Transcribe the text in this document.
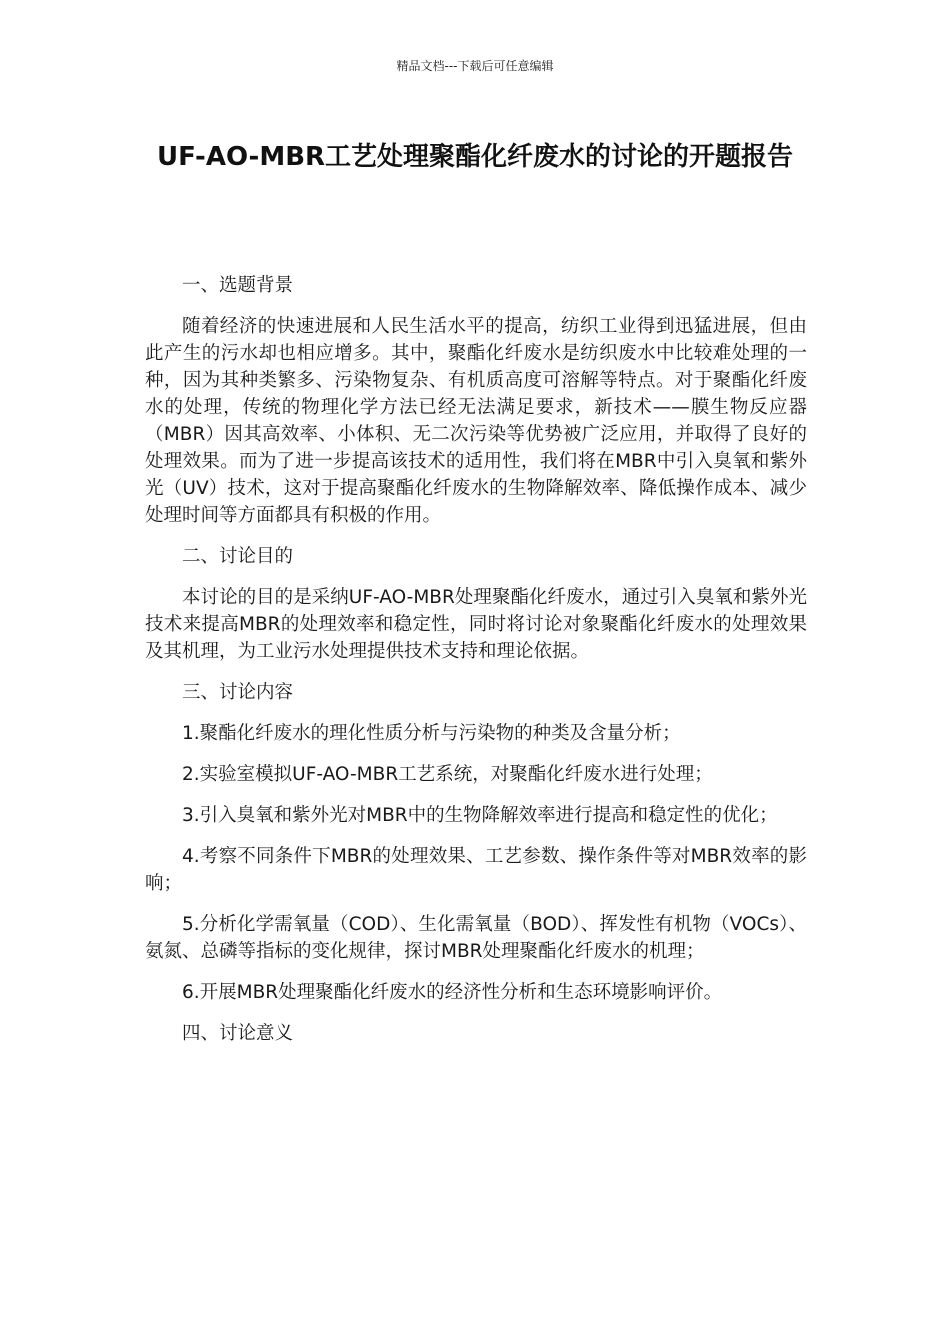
精品文档---下载后可任意编辑
UF-AO-MBR工艺处理聚酯化纤废水的讨论的开题报告

一、选题背景

随着经济的快速进展和人民生活水平的提高，纺织工业得到迅猛进展，但由此产生的污水却也相应增多。其中，聚酯化纤废水是纺织废水中比较难处理的一种，因为其种类繁多、污染物复杂、有机质高度可溶解等特点。对于聚酯化纤废水的处理，传统的物理化学方法已经无法满足要求，新技术——膜生物反应器（MBR）因其高效率、小体积、无二次污染等优势被广泛应用，并取得了良好的处理效果。而为了进一步提高该技术的适用性，我们将在MBR中引入臭氧和紫外光（UV）技术，这对于提高聚酯化纤废水的生物降解效率、降低操作成本、减少处理时间等方面都具有积极的作用。

二、讨论目的

本讨论的目的是采纳UF-AO-MBR处理聚酯化纤废水，通过引入臭氧和紫外光技术来提高MBR的处理效率和稳定性，同时将讨论对象聚酯化纤废水的处理效果及其机理，为工业污水处理提供技术支持和理论依据。

三、讨论内容

1.聚酯化纤废水的理化性质分析与污染物的种类及含量分析；

2.实验室模拟UF-AO-MBR工艺系统，对聚酯化纤废水进行处理；

3.引入臭氧和紫外光对MBR中的生物降解效率进行提高和稳定性的优化；

4.考察不同条件下MBR的处理效果、工艺参数、操作条件等对MBR效率的影响；

5.分析化学需氧量（COD）、生化需氧量（BOD）、挥发性有机物（VOCs）、氨氮、总磷等指标的变化规律，探讨MBR处理聚酯化纤废水的机理；

6.开展MBR处理聚酯化纤废水的经济性分析和生态环境影响评价。

四、讨论意义
